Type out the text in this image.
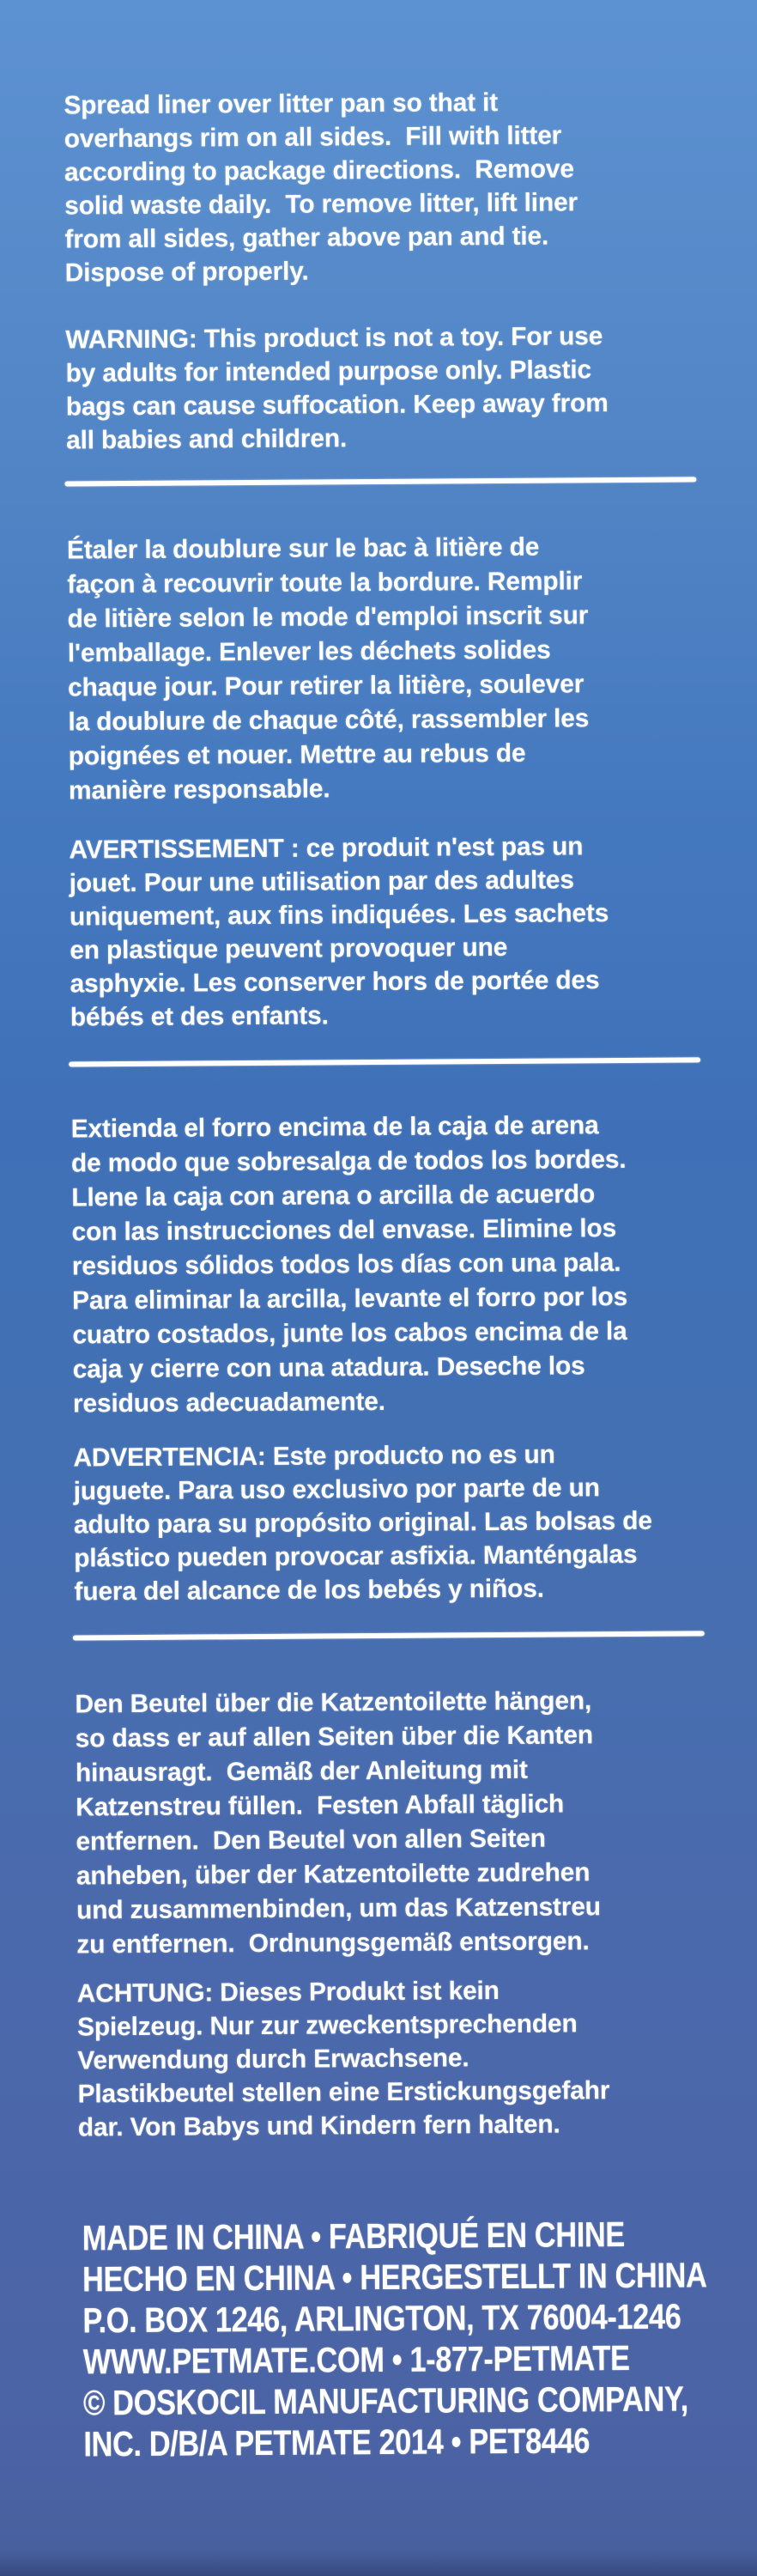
Spread liner over litter pan so that it
overhangs rim on all sides.  Fill with litter
according to package directions.  Remove
solid waste daily.  To remove litter, lift liner
from all sides, gather above pan and tie.
Dispose of properly.
WARNING: This product is not a toy. For use
by adults for intended purpose only. Plastic
bags can cause suffocation. Keep away from
all babies and children.
Étaler la doublure sur le bac à litière de
façon à recouvrir toute la bordure. Remplir
de litière selon le mode d'emploi inscrit sur
l'emballage. Enlever les déchets solides
chaque jour. Pour retirer la litière, soulever
la doublure de chaque côté, rassembler les
poignées et nouer. Mettre au rebus de
manière responsable.
AVERTISSEMENT : ce produit n'est pas un
jouet. Pour une utilisation par des adultes
uniquement, aux fins indiquées. Les sachets
en plastique peuvent provoquer une
asphyxie. Les conserver hors de portée des
bébés et des enfants.
Extienda el forro encima de la caja de arena
de modo que sobresalga de todos los bordes.
Llene la caja con arena o arcilla de acuerdo
con las instrucciones del envase. Elimine los
residuos sólidos todos los días con una pala.
Para eliminar la arcilla, levante el forro por los
cuatro costados, junte los cabos encima de la
caja y cierre con una atadura. Deseche los
residuos adecuadamente.
ADVERTENCIA: Este producto no es un
juguete. Para uso exclusivo por parte de un
adulto para su propósito original. Las bolsas de
plástico pueden provocar asfixia. Manténgalas
fuera del alcance de los bebés y niños.
Den Beutel über die Katzentoilette hängen,
so dass er auf allen Seiten über die Kanten
hinausragt.  Gemäß der Anleitung mit
Katzenstreu füllen.  Festen Abfall täglich
entfernen.  Den Beutel von allen Seiten
anheben, über der Katzentoilette zudrehen
und zusammenbinden, um das Katzenstreu
zu entfernen.  Ordnungsgemäß entsorgen.
ACHTUNG: Dieses Produkt ist kein
Spielzeug. Nur zur zweckentsprechenden
Verwendung durch Erwachsene.
Plastikbeutel stellen eine Erstickungsgefahr
dar. Von Babys und Kindern fern halten.
MADE IN CHINA • FABRIQUÉ EN CHINE
HECHO EN CHINA • HERGESTELLT IN CHINA
P.O. BOX 1246, ARLINGTON, TX 76004-1246
WWW.PETMATE.COM • 1-877-PETMATE
© DOSKOCIL MANUFACTURING COMPANY,
INC. D/B/A PETMATE 2014 • PET8446
